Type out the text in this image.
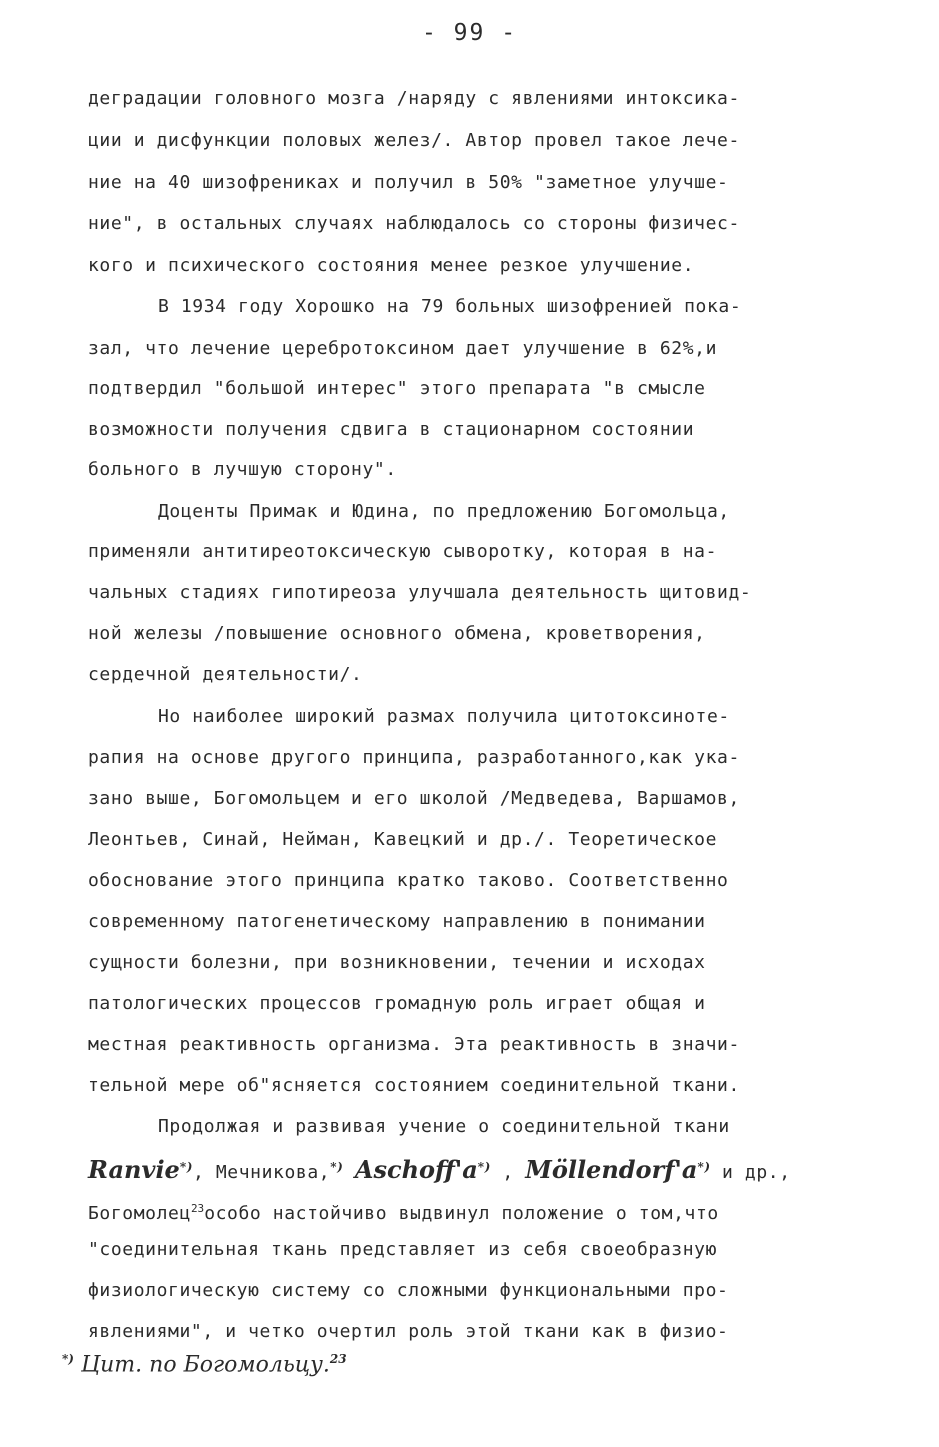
- 99 -
деградации головного мозга /наряду с явлениями интоксика-
ции и дисфункции половых желез/. Автор провел такое лече-
ние на 40 шизофрениках и получил в 50% "заметное улучше-
ние", в остальных случаях наблюдалось со стороны физичес-
кого и психического состояния менее резкое улучшение.
В 1934 году Хорошко на 79 больных шизофренией пока-
зал, что лечение церебротоксином дает улучшение в 62%,и
подтвердил "большой интерес" этого препарата "в смысле
возможности получения сдвига в стационарном состоянии
больного в лучшую сторону".
Доценты Примак и Юдина, по предложению Богомольца,
применяли антитиреотоксическую сыворотку, которая в на-
чальных стадиях гипотиреоза улучшала деятельность щитовид-
ной железы /повышение основного обмена, кроветворения,
сердечной деятельности/.
Но наиболее широкий размах получила цитотоксиноте-
рапия на основе другого принципа, разработанного,как ука-
зано выше, Богомольцем и его школой /Медведева, Варшамов,
Леонтьев, Синай, Нейман, Кавецкий и др./. Теоретическое
обоснование этого принципа кратко таково. Соответственно
современному патогенетическому направлению в понимании
сущности болезни, при возникновении, течении и исходах
патологических процессов громадную роль играет общая и
местная реактивность организма. Эта реактивность в значи-
тельной мере об"ясняется состоянием соединительной ткани.
Продолжая и развивая учение о соединительной ткани
Ranvie*), Мечникова,*) Aschoff'a*) , Möllendorf'a*) и др.,
Богомолец$^{23}$особо настойчиво выдвинул положение о том,что
"соединительная ткань представляет из себя своеобразную
физиологическую систему со сложными функциональными про-
явлениями", и четко очертил роль этой ткани как в физио-
*) Цит. по Богомольцу.$^{23}$
